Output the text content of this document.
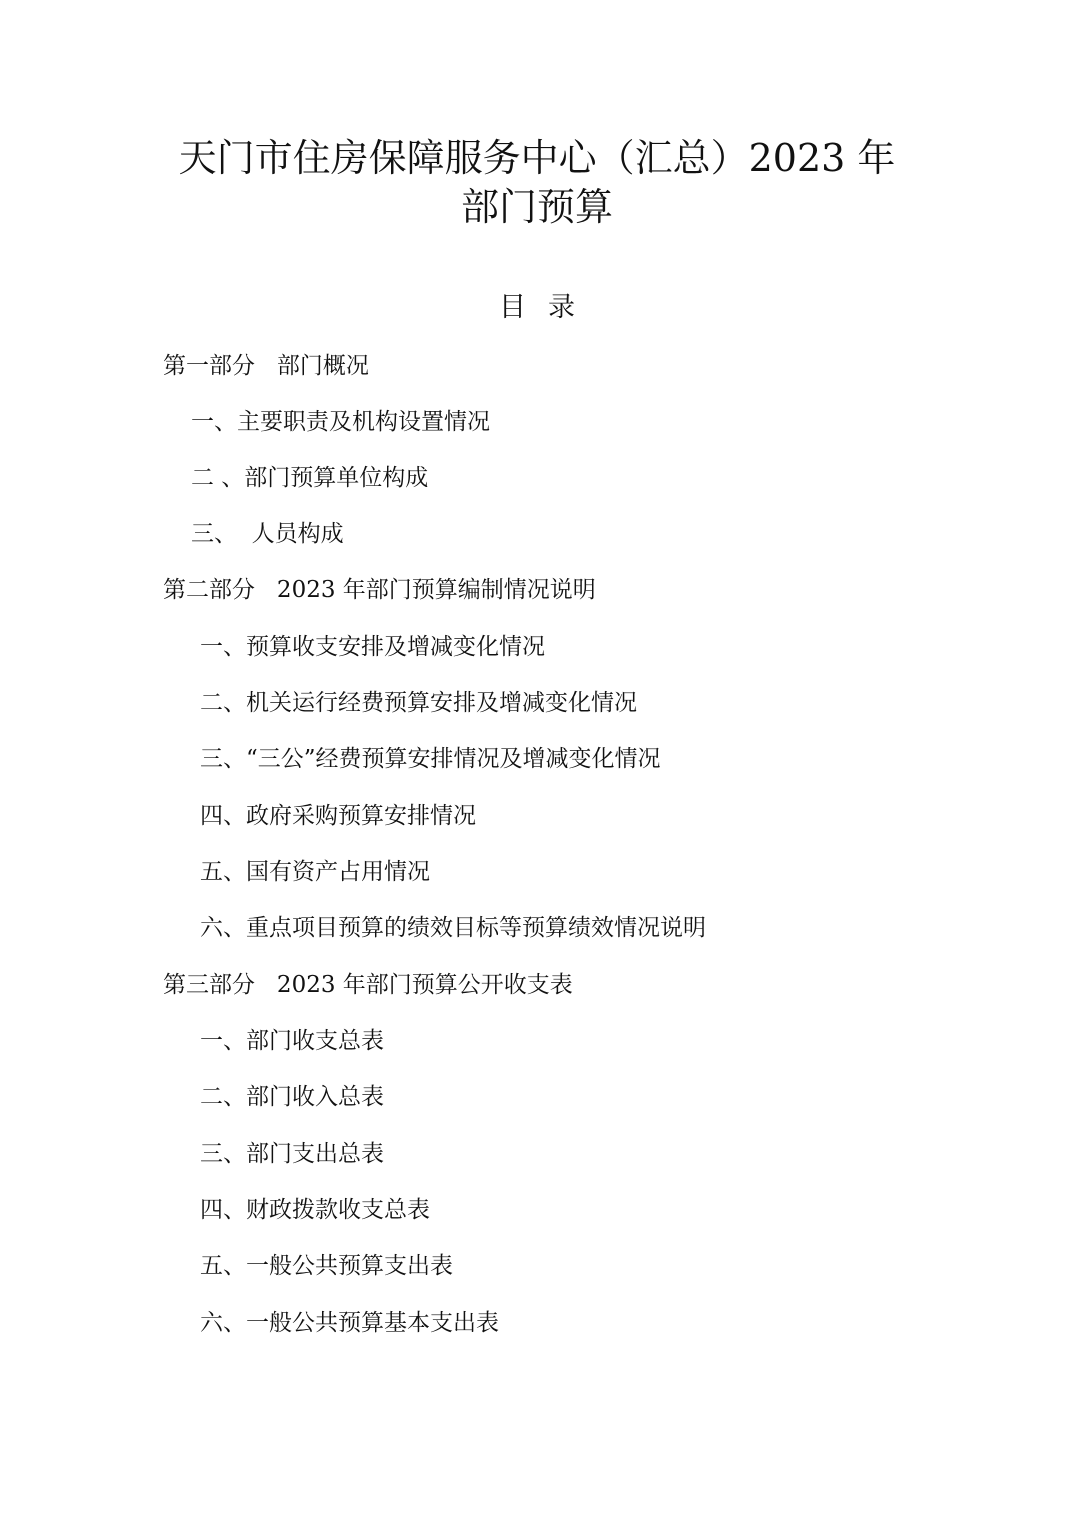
天门市住房保障服务中心（汇总）2023 年
部门预算
目录
第一部分   部门概况
一、主要职责及机构设置情况
二 、部门预算单位构成
三、  人员构成
第二部分   2023 年部门预算编制情况说明
一、预算收支安排及增减变化情况
二、机关运行经费预算安排及增减变化情况
三、“三公”经费预算安排情况及增减变化情况
四、政府采购预算安排情况
五、国有资产占用情况
六、重点项目预算的绩效目标等预算绩效情况说明
第三部分   2023 年部门预算公开收支表
一、部门收支总表
二、部门收入总表
三、部门支出总表
四、财政拨款收支总表
五、一般公共预算支出表
六、一般公共预算基本支出表
